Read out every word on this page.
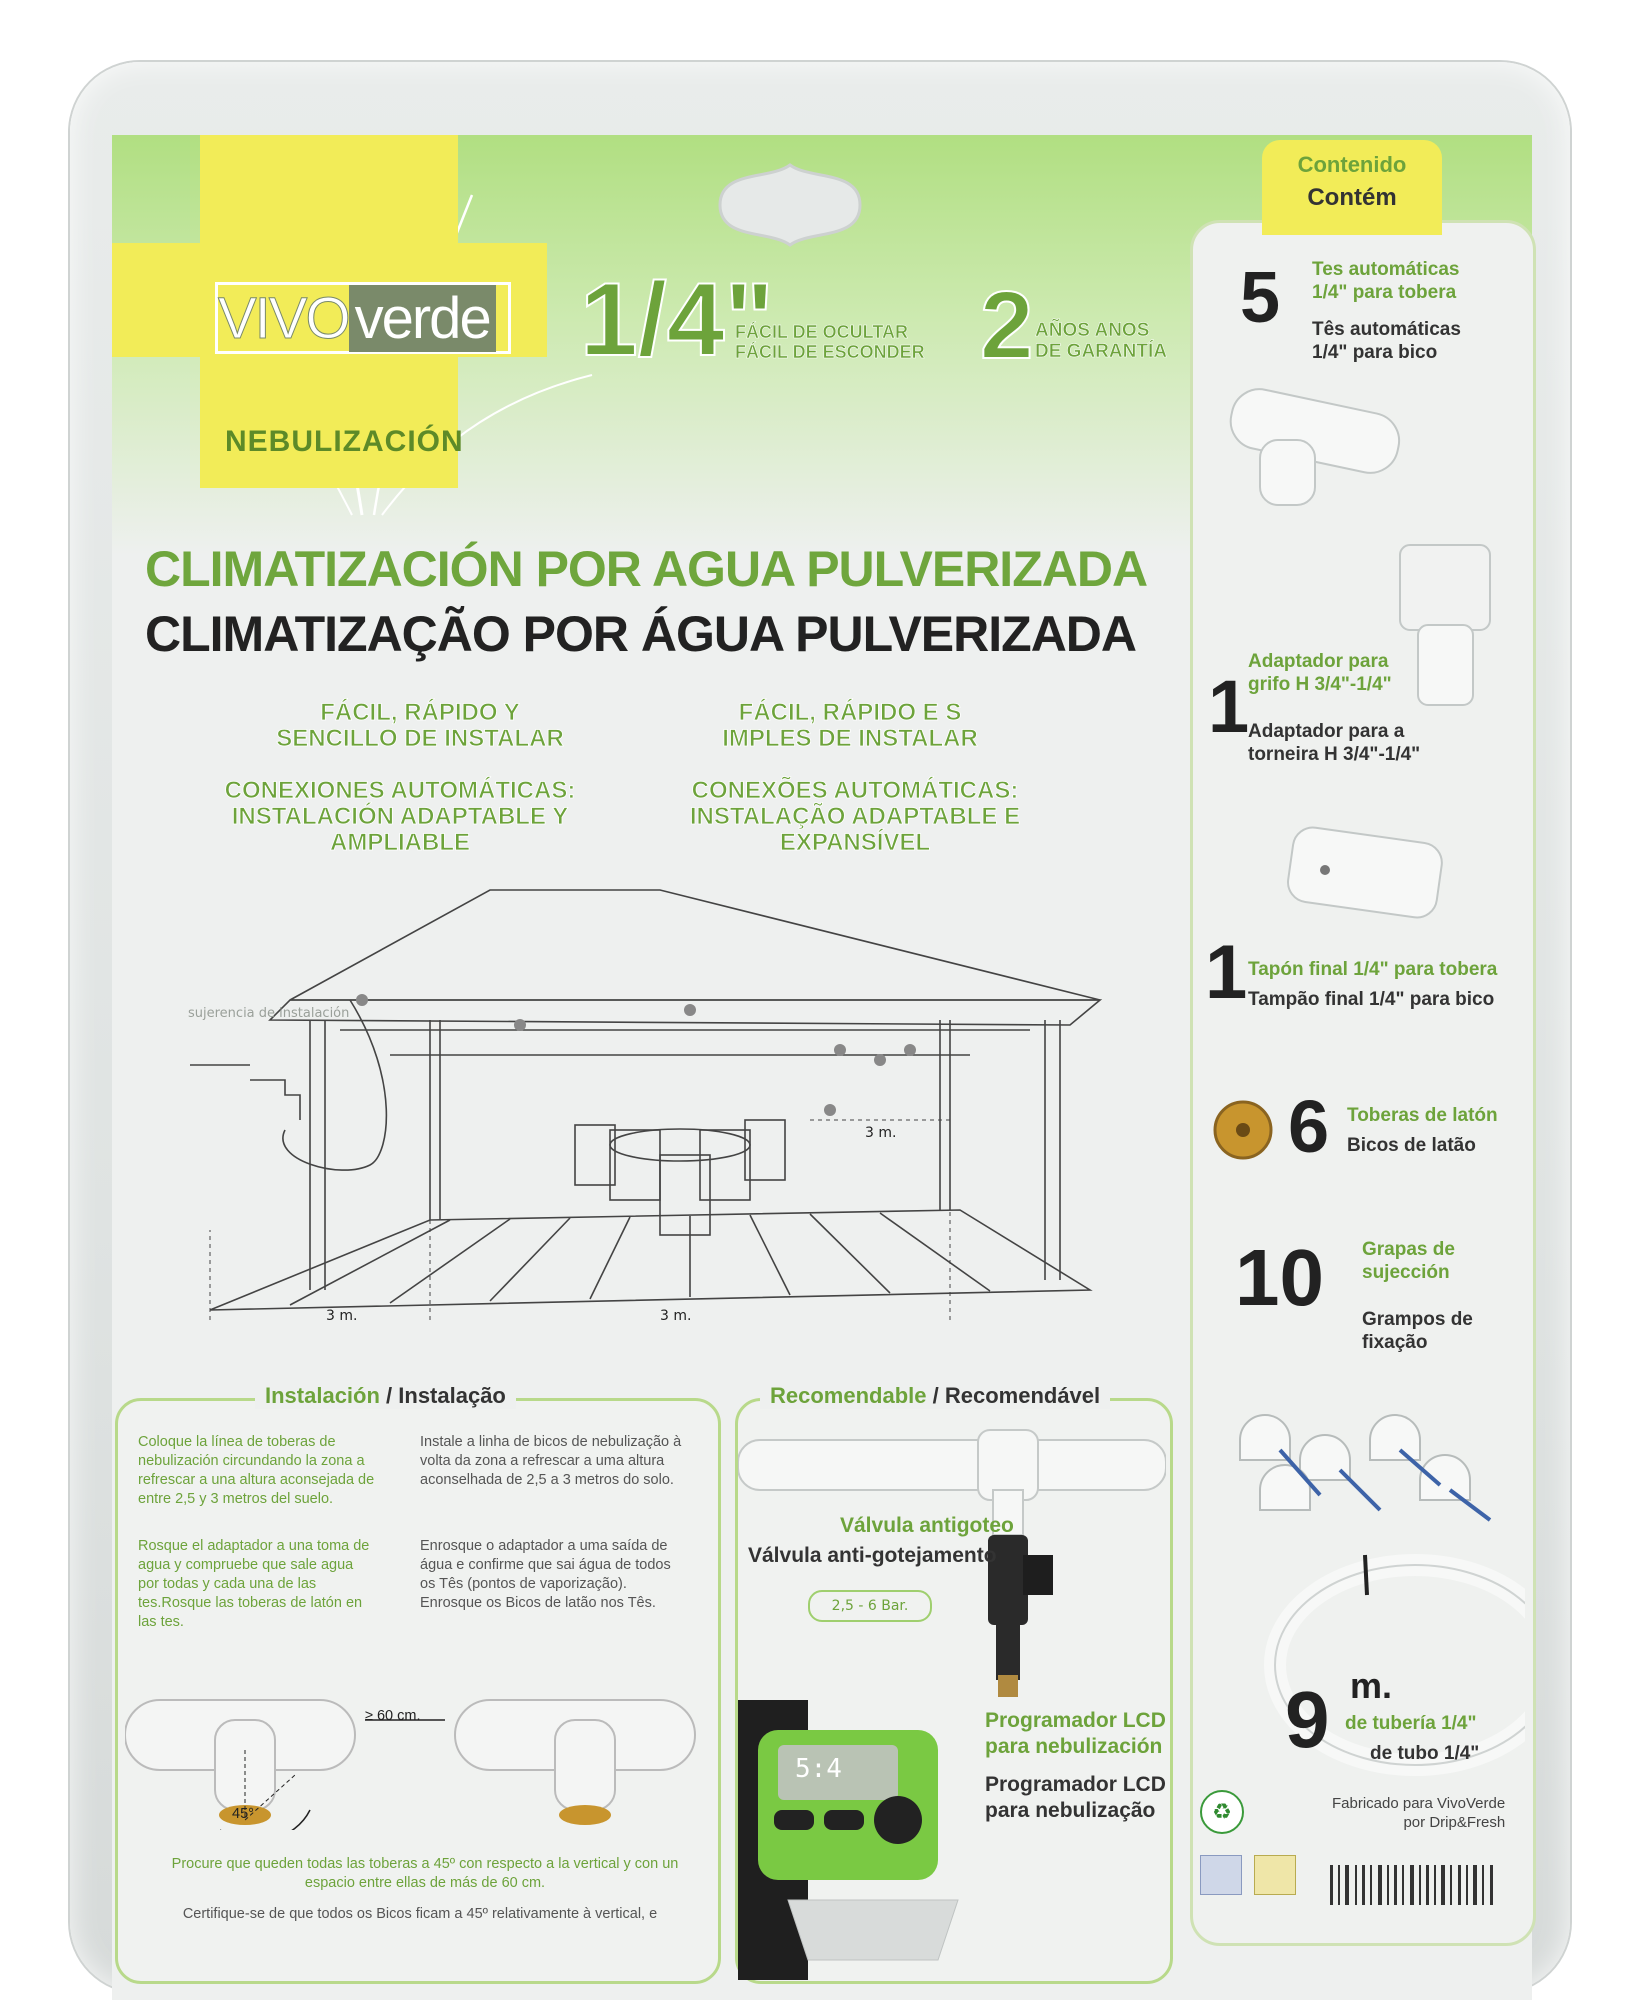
VIVO verde
NEBULIZACIÓN
1/4"
FÁCIL DE OCULTAR
FÁCIL DE ESCONDER 2 AÑOS ANOS
DE GARANTÍA
CLIMATIZACIÓN POR AGUA PULVERIZADA
CLIMATIZAÇÃO POR ÁGUA PULVERIZADA
FÁCIL, RÁPIDO Y
SENCILLO DE INSTALAR
CONEXIONES AUTOMÁTICAS:
INSTALACIÓN ADAPTABLE Y AMPLIABLE
FÁCIL, RÁPIDO E S
IMPLES DE INSTALAR
CONEXÕES AUTOMÁTICAS:
INSTALAÇÃO ADAPTABLE E EXPANSÍVEL
sujerencia de instalación
3 m.
3 m.	3 m.
Instalación / Instalação
Coloque la línea de toberas de nebulización circundando la zona a refrescar a una altura aconsejada de entre 2,5 y 3 metros del suelo.
Rosque el adaptador a una toma de agua y compruebe que sale agua por todas y cada una de las tes.Rosque las toberas de latón en las tes.
Instale a linha de bicos de nebulização à volta da zona a refrescar a uma altura aconselhada de 2,5 a 3 metros do solo.
Enrosque o adaptador a uma saída de água e confirme que sai água de todos os Tês (pontos de vaporização). Enrosque os Bicos de latão nos Tês.
≥ 60 cm.
45°
Procure que queden todas las toberas a 45º con respecto a la vertical y con un espacio entre ellas de más de 60 cm.
Certifique-se de que todos os Bicos ficam a 45º relativamente à vertical, e
Recomendable / Recomendável
Válvula antigoteo
Válvula anti-gotejamento
2,5 - 6 Bar.
5:4
Programador LCD
para nebulización
Programador LCD
para nebulização
Contenido
Contém
5 Tes automáticas
1/4" para tobera
Tês automáticas
1/4" para bico
1
Adaptador para
grifo H 3/4"-1/4"
Adaptador para a
torneira H 3/4"-1/4"
1 Tapón final 1/4" para tobera
Tampão final 1/4" para bico
6 Toberas de latón
Bicos de latão
10 Grapas de
sujección
Grampos de
fixação
9 m.
de tubería 1/4"
de tubo 1/4"
♻	Fabricado para VivoVerde
por Drip&Fresh
